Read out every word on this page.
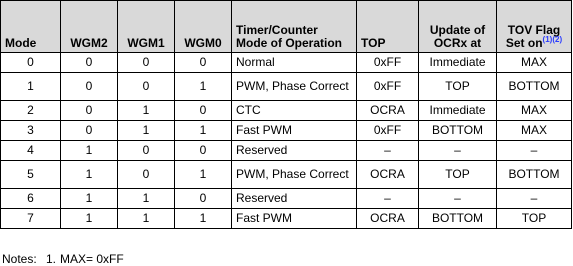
Mode	WGM2	WGM1	WGM0	Timer/Counter Mode of Operation	TOP	Update of OCRx at	TOV Flag Set $on^{(1)(2)}$
0	0	0	0	Normal	0xFF	Immediate	MAX
1	0	0	1	PWM, Phase Correct	0xFF	TOP	BOTTOM
2	0	1	0	CTC	OCRA	Immediate	MAX
3	0	1	1	Fast PWM	0xFF	BOTTOM	MAX
4	1	0	0	Reserved	–	–	–
5	1	0	1	PWM, Phase Correct	OCRA	TOP	BOTTOM
6	1	1	0	Reserved	–	–	–
7	1	1	1	Fast PWM	OCRA	BOTTOM	TOP
Notes: 1. MAX= 0xFF
